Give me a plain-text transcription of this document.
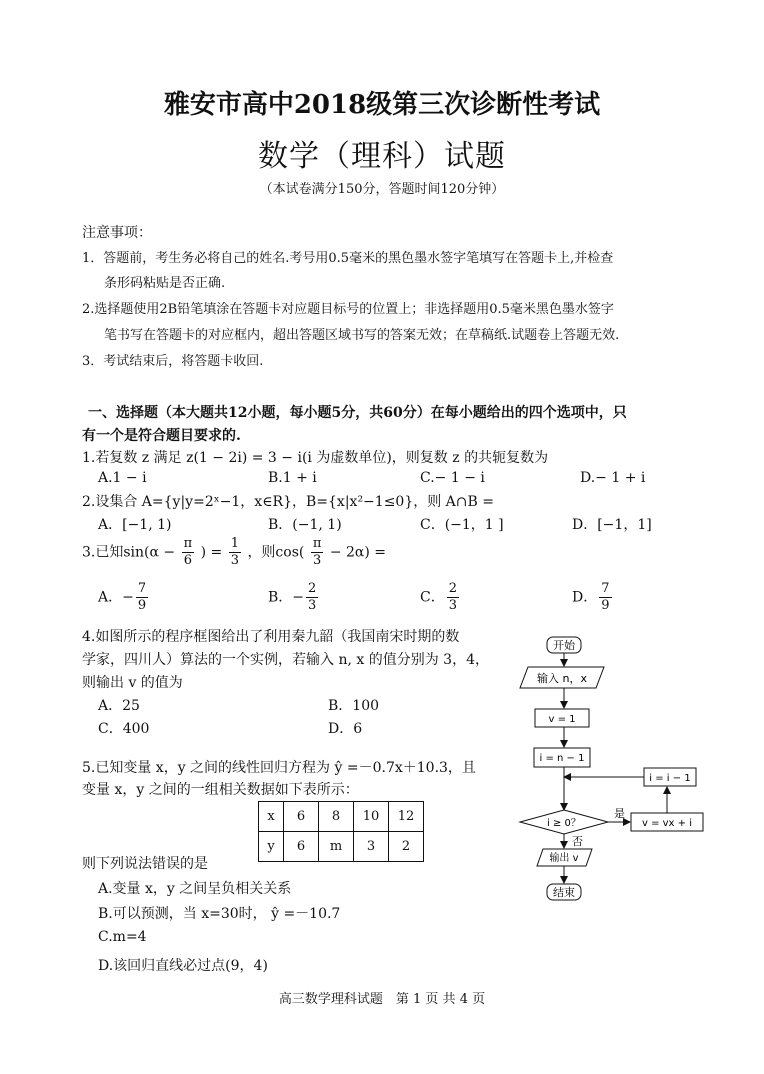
雅安市高中2018级第三次诊断性考试
数学（理科）试题
（本试卷满分150分，答题时间120分钟）
注意事项：
1．答题前，考生务必将自己的姓名.考号用0.5毫米的黑色墨水签字笔填写在答题卡上,并检查
条形码粘贴是否正确.
2.选择题使用2B铅笔填涂在答题卡对应题目标号的位置上；非选择题用0.5毫米黑色墨水签字
笔书写在答题卡的对应框内，超出答题区域书写的答案无效；在草稿纸.试题卷上答题无效.
3．考试结束后，将答题卡收回.
一、选择题（本大题共12小题，每小题5分，共60分）在每小题给出的四个选项中，只
有一个是符合题目要求的.
1.若复数 z 满足 z(1 − 2i) = 3 − i(i 为虚数单位)，则复数 z 的共轭复数为
A.1 − i	B.1 + i	C.− 1 − i	D.− 1 + i
2.设集合 A={y|y=2ˣ−1，x∈R}，B={x|x²−1≤0}，则 A∩B =
A．[−1, 1)	B．(−1, 1)	C．(−1，1 ]	D．[−1，1]
3.已知$\sin(\alpha - \frac{\pi}{6}$ ) = $\frac{1}{3}$ ，则$\cos( \frac{\pi}{3} - 2\alpha)$ =
A．− $\frac{7}{9}$	B．− $\frac{2}{3}$	C． $\frac{2}{3}$	D． $\frac{7}{9}$
4.如图所示的程序框图给出了利用秦九韶（我国南宋时期的数
学家，四川人）算法的一个实例，若输入 n, x 的值分别为 3，4，
则输出 v 的值为
A．25	B．100
C．400	D．6
开始
输入 n，x
v = 1
i = n − 1
i = i − 1
i ≥ 0？
是
v = vx + i
否
输出 v
结束
5.已知变量 x，y 之间的线性回归方程为 ŷ =－0.7x＋10.3，且
变量 x，y 之间的一组相关数据如下表所示：
x	6	8	10	12
y	6	m	3	2
则下列说法错误的是
A.变量 x，y 之间呈负相关关系
B.可以预测，当 x=30时， ŷ =－10.7
C.m=4
D.该回归直线必过点(9，4)
高三数学理科试题　第 1 页 共 4 页
